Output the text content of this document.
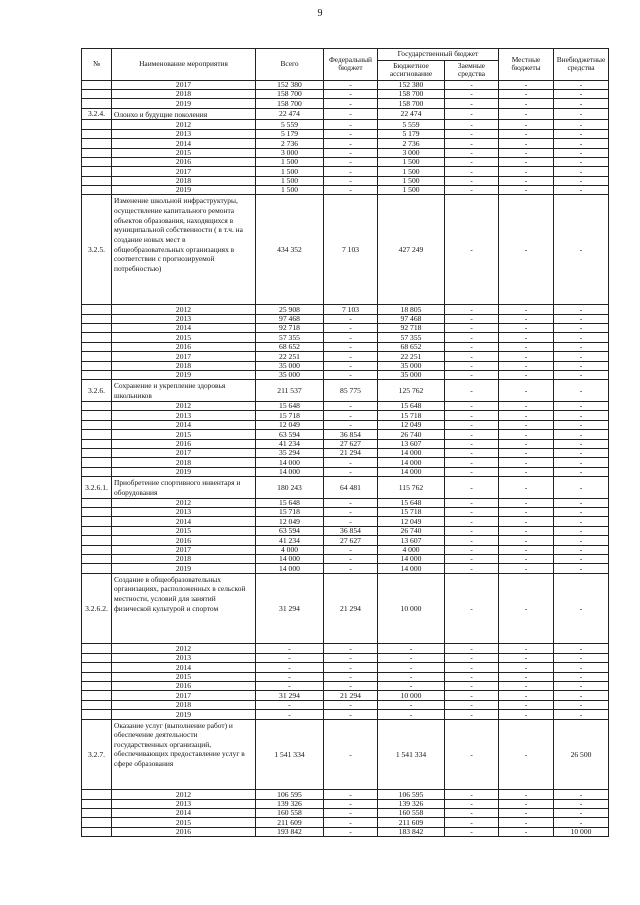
9
№	Наименование мероприятия	Всего	Федеральный бюджет	Государственный бюджет		Местные бюджеты	Внебюджетные средства
				Бюджетное ассигнование	Заемные средства		
	2017	152 380	-	152 380	-	-	-
	2018	158 700	-	158 700	-	-	-
	2019	158 700	-	158 700	-	-	-
3.2.4.	Олонхо и будущие поколения	22 474	-	22 474	-	-	-
	2012	5 559	-	5 559	-	-	-
	2013	5 179	-	5 179	-	-	-
	2014	2 736	-	2 736	-	-	-
	2015	3 000	-	3 000	-	-	-
	2016	1 500	-	1 500	-	-	-
	2017	1 500	-	1 500	-	-	-
	2018	1 500	-	1 500	-	-	-
	2019	1 500	-	1 500	-	-	-
3.2.5.	Изменение школьной инфраструктуры, осуществление капитального ремонта объектов образования, находящихся в муниципальной собственности ( в т.ч. на создание новых мест в общеобразовательных организациях в соответствии с прогнозируемой потребностью)	434 352	7 103	427 249	-	-	-
	2012	25 908	7 103	18 805	-	-	-
	2013	97 468	-	97 468	-	-	-
	2014	92 718	-	92 718	-	-	-
	2015	57 355	-	57 355	-	-	-
	2016	68 652	-	68 652	-	-	-
	2017	22 251	-	22 251	-	-	-
	2018	35 000	-	35 000	-	-	-
	2019	35 000	-	35 000	-	-	-
3.2.6.	Сохранение и укрепление здоровья школьников	211 537	85 775	125 762	-	-	-
	2012	15 648	-	15 648	-	-	-
	2013	15 718	-	15 718	-	-	-
	2014	12 049	-	12 049	-	-	-
	2015	63 594	36 854	26 740	-	-	-
	2016	41 234	27 627	13 607	-	-	-
	2017	35 294	21 294	14 000	-	-	-
	2018	14 000	-	14 000	-	-	-
	2019	14 000	-	14 000	-	-	-
3.2.6.1.	Приобретение спортивного инвентаря и оборудования	180 243	64 481	115 762	-	-	-
	2012	15 648	-	15 648	-	-	-
	2013	15 718	-	15 718	-	-	-
	2014	12 049	-	12 049	-	-	-
	2015	63 594	36 854	26 740	-	-	-
	2016	41 234	27 627	13 607	-	-	-
	2017	4 000	-	4 000	-	-	-
	2018	14 000	-	14 000	-	-	-
	2019	14 000	-	14 000	-	-	-
3.2.6.2.	Создание в общеобразовательных организациях, расположенных в сельской местности, условий для занятий физической культурой и спортом	31 294	21 294	10 000	-	-	-
	2012	-	-	-	-	-	-
	2013	-	-	-	-	-	-
	2014	-	-	-	-	-	-
	2015	-	-	-	-	-	-
	2016	-	-	-	-	-	-
	2017	31 294	21 294	10 000	-	-	-
	2018	-	-	-	-	-	-
	2019	-	-	-	-	-	-
3.2.7.	Оказание услуг (выполнение работ) и обеспечение деятельности государственных организаций, обеспечивающих предоставление услуг в сфере образования	1 541 334	-	1 541 334	-	-	26 500
	2012	106 595	-	106 595	-	-	-
	2013	139 326	-	139 326	-	-	-
	2014	160 558	-	160 558	-	-	-
	2015	211 609	-	211 609	-	-	-
	2016	193 842	-	183 842	-	-	10 000
